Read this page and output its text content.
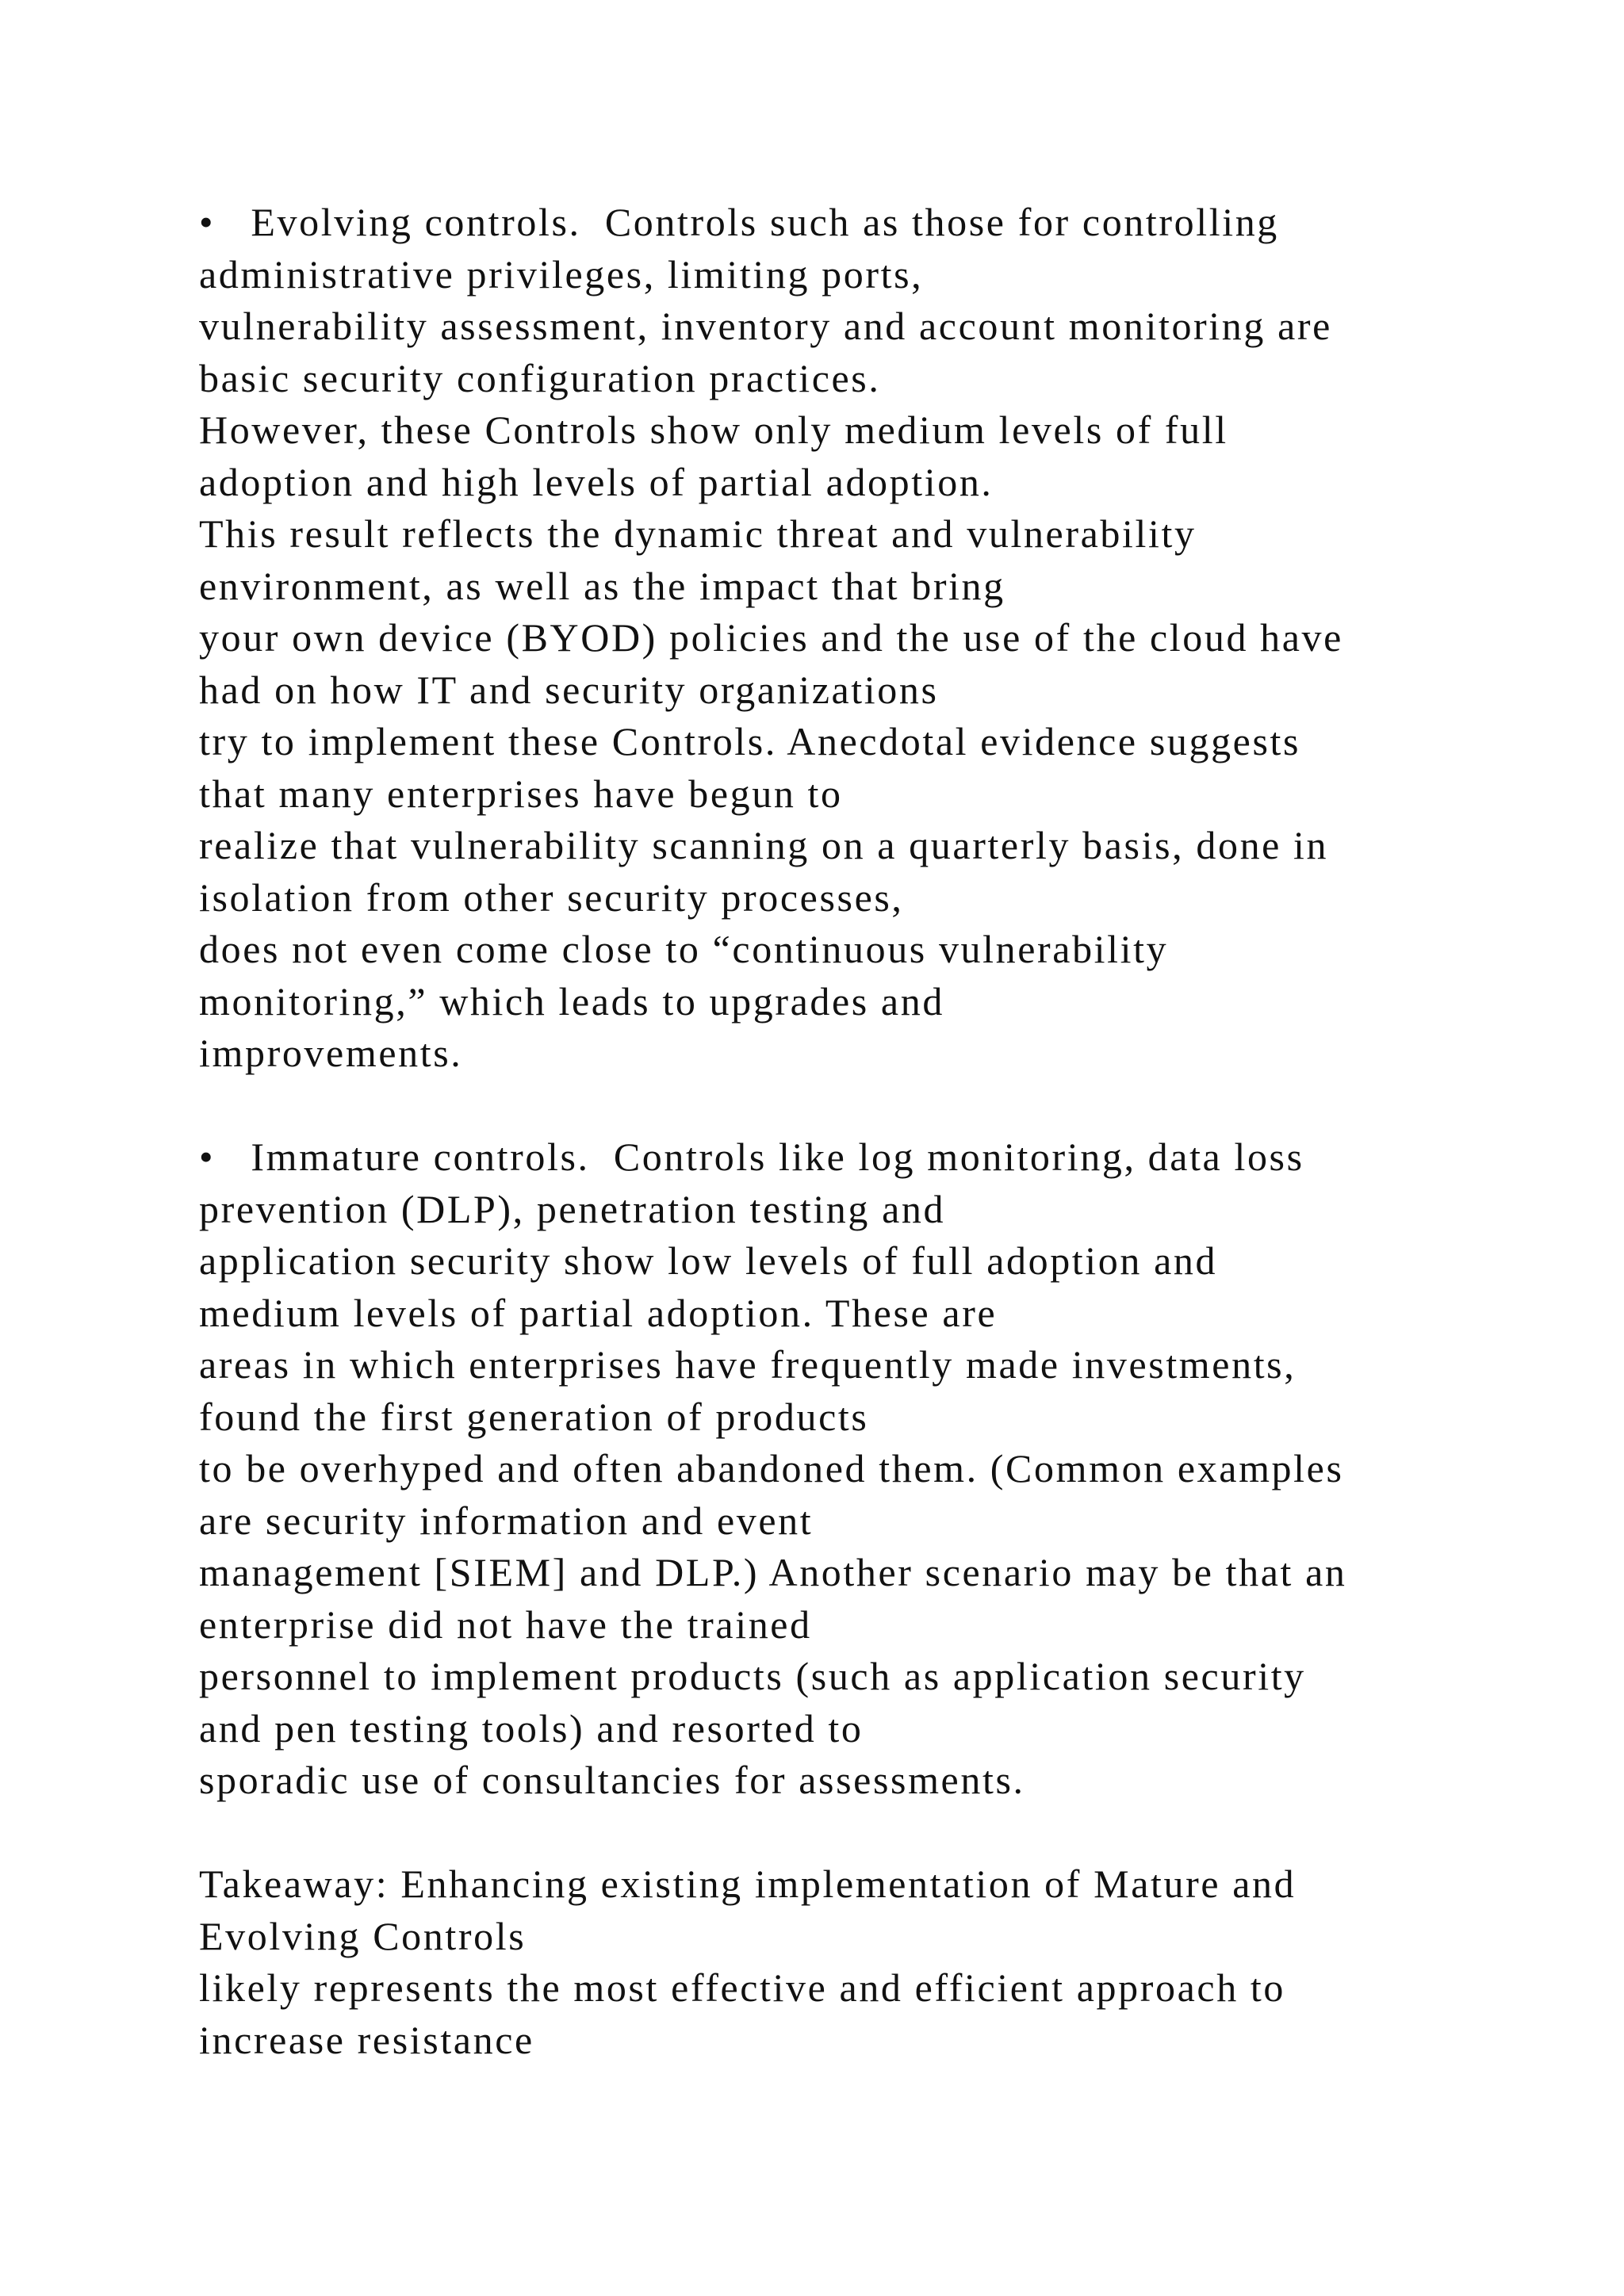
•   Evolving controls.  Controls such as those for controlling
administrative privileges, limiting ports,
vulnerability assessment, inventory and account monitoring are
basic security configuration practices.
However, these Controls show only medium levels of full
adoption and high levels of partial adoption.
This result reflects the dynamic threat and vulnerability
environment, as well as the impact that bring
your own device (BYOD) policies and the use of the cloud have
had on how IT and security organizations
try to implement these Controls. Anecdotal evidence suggests
that many enterprises have begun to
realize that vulnerability scanning on a quarterly basis, done in
isolation from other security processes,
does not even come close to “continuous vulnerability
monitoring,” which leads to upgrades and
improvements.
•   Immature controls.  Controls like log monitoring, data loss
prevention (DLP), penetration testing and
application security show low levels of full adoption and
medium levels of partial adoption. These are
areas in which enterprises have frequently made investments,
found the first generation of products
to be overhyped and often abandoned them. (Common examples
are security information and event
management [SIEM] and DLP.) Another scenario may be that an
enterprise did not have the trained
personnel to implement products (such as application security
and pen testing tools) and resorted to
sporadic use of consultancies for assessments.
Takeaway: Enhancing existing implementation of Mature and
Evolving Controls
likely represents the most effective and efficient approach to
increase resistance
